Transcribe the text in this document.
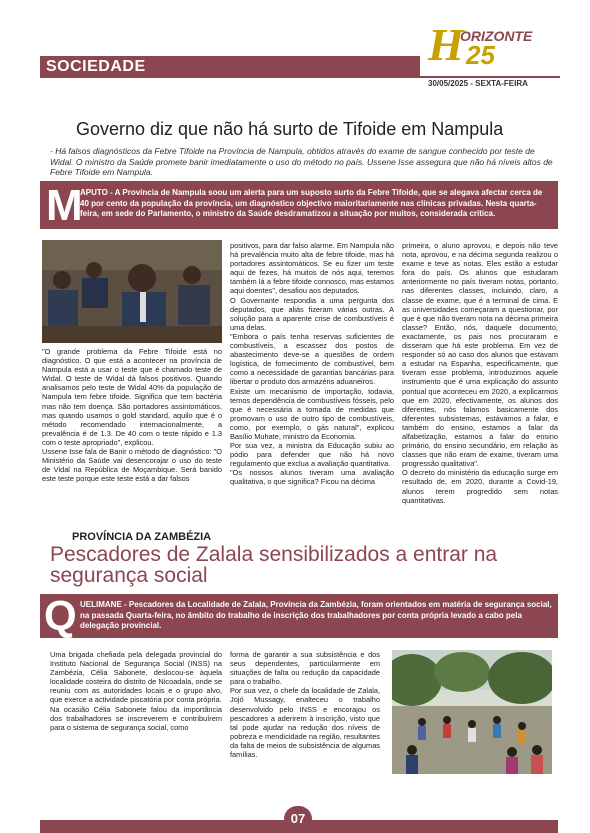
H
ORIZONTE
25
SOCIEDADE
30/05/2025 - SEXTA-FEIRA
Governo diz que não há surto de Tifoide em Nampula
- Há falsos diagnósticos da Febre Tifoide na Província de Nampula, obtidos através do exame de sangue conhecido por teste de Widal. O ministro da Saúde promete banir imediatamente o uso do método no país. Ussene Isse assegura que não há níveis altos de Febre Tifoide em Nampula.
M
APUTO - A Província de Nampula soou um alerta para um suposto surto da Febre Tifoide, que se alegava afectar cerca de 40 por cento da população da província, um diagnóstico objectivo maioritariamente nas clínicas privadas. Nesta quarta-feira, em sede do Parlamento, o ministro da Saúde desdramatizou a situação por muitos, considerada crítica.
"O grande problema da Febre Tifoide está no diagnóstico. O que está a acontecer na província de Nampula está a usar o teste que é chamado teste de Widal. O teste de Widal dá falsos positivos. Quando analisamos pelo teste de Widal 40% da população de Nampula tem febre tifoide. Significa que tem bactéria mas não tem doença. São portadores assintomáticos, mas quando usamos o gold standard, aquilo que é o método recomendado internacionalmente, a prevalência é de 1.3. De 40 com o teste rápido e 1.3 com o teste apropriado", explicou.
Ussene Isse fala de Banir o método de diagnóstico: "O Ministério da Saúde vai desencorajar o uso do teste de Vidal na República de Moçambique. Será banido este teste porque este teste está a dar falsos
positivos, para dar falso alarme. Em Nampula não há prevalência muito alta de febre tifoide, mas há portadores assintomáticos. Se eu fizer um teste aqui de fezes, há muitos de nós aqui, teremos também lá a febre tifoide connosco, mas estamos aqui doentes", desafiou aos deputados.
O Governante respondia a uma pergunta dos deputados, que aliás fizeram várias outras. A solução para a aparente crise de combustíveis é uma delas.
"Embora o país tenha reservas suficientes de combustíveis, a escassez dos postos de abastecimento deve-se a questões de ordem logística, de fornecimento de combustível, bem como a necessidade de garantias bancárias para libertar o produto dos armazéns aduaneiros.
Existe um mecanismo de importação, todavia, temos dependência de combustíveis fósseis, pelo que é necessária a tomada de medidas que promovam o uso de outro tipo de combustíveis, como, por exemplo, o gás natural", explicou Basílio Muhate, ministro da Economia.
Por sua vez, a ministra da Educação subiu ao pódio para defender que não há novo regulamento que exclua a avaliação quantitativa.
"Os nossos alunos tiveram uma avaliação qualitativa, o que significa? Ficou na décima
primeira, o aluno aprovou, e depois não teve nota, aprovou, e na décima segunda realizou o exame e teve as notas. Eles estão a estudar fora do país. Os alunos que estudaram anteriormente no país tiveram notas, portanto, nas diferentes classes, incluindo, claro, a classe de exame, que é a terminal de cima. E as universidades começaram a questionar, por que é que não tiveram nota na décima primeira classe? Então, nós, daquele documento, exactamente, os pais nos procuraram e disseram que há este problema. Em vez de responder só ao caso dos alunos que estavam a estudar na Espanha, especificamente, que tiveram esse problema, introduzimos aquele instrumento que é uma explicação do assunto pontual que aconteceu em 2020, a explicarmos que em 2020, efectivamente, os alunos dos diferentes, nós falamos basicamente dos diferentes subsistemas, estávamos a falar, e também do ensino, estamos a falar da alfabetização, estamos a falar do ensino primário, do ensino secundário, em relação às classes que não eram de exame, tiveram uma progressão qualitativa".
O decreto do ministério da educação surge em resultado de, em 2020, durante a Covid-19, alunos terem progredido sem notas quantitativas.
PROVÍNCIA DA ZAMBÉZIA
Pescadores de Zalala sensibilizados a entrar na segurança social
Q UELIMANE - Pescadores da Localidade de Zalala, Província da Zambézia, foram orientados em matéria de segurança social, na passada Quarta-feira, no âmbito do trabalho de inscrição dos trabalhadores por conta própria levado a cabo pela delegação provincial.
Uma brigada chefiada pela delegada provincial do Instituto Nacional de Segurança Social (INSS) na Zambézia, Célia Sabonete, deslocou-se àquela localidade costeira do distrito de Nicoadala, onde se reuniu com as autoridades locais e o grupo alvo, que exerce a actividade piscatória por conta própria.
Na ocasião Célia Sabonete falou da importância dos trabalhadores se inscreverem e contribuírem para o sistema de segurança social, como
forma de garantir a sua subsistência e dos seus dependentes, particularmente em situações de falta ou redução da capacidade para o trabalho.
Por sua vez, o chefe da localidade de Zalala, Jojó Mussagy, enalteceu o trabalho desenvolvido pelo INSS e encorajou os pescadores a aderirem à inscrição, visto que tal pode ajudar na redução dos níveis de pobreza e mendicidade na região, resultantes da falta de meios de subsistência de algumas famílias.
07
